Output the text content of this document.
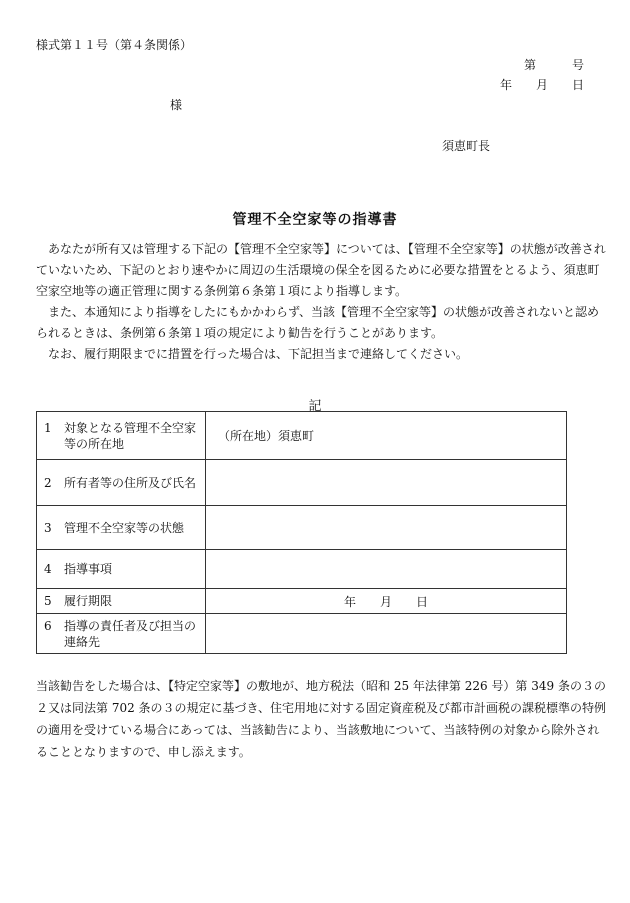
様式第１１号（第４条関係）
第　　　号
年　　月　　日
様
須恵町長
管理不全空家等の指導書

　あなたが所有又は管理する下記の【管理不全空家等】については、【管理不全空家等】の状態が改善され
ていないため、下記のとおり速やかに周辺の生活環境の保全を図るために必要な措置をとるよう、須恵町
空家空地等の適正管理に関する条例第６条第１項により指導します。

　また、本通知により指導をしたにもかかわらず、当該【管理不全空家等】の状態が改善されないと認め
られるときは、条例第６条第１項の規定により勧告を行うことがあります。

　なお、履行期限までに措置を行った場合は、下記担当まで連絡してください。

記
1 対象となる管理不全空家等の所在地	（所在地）須恵町

2 所有者等の住所及び氏名	

3 管理不全空家等の状態	

4 指導事項	

5 履行期限	年　　月　　日

6 指導の責任者及び担当の連絡先	

当該勧告をした場合は、【特定空家等】の敷地が、地方税法（昭和 25 年法律第 226 号）第 349 条の３の
２又は同法第 702 条の３の規定に基づき、住宅用地に対する固定資産税及び都市計画税の課税標準の特例
の適用を受けている場合にあっては、当該勧告により、当該敷地について、当該特例の対象から除外され
ることとなりますので、申し添えます。
